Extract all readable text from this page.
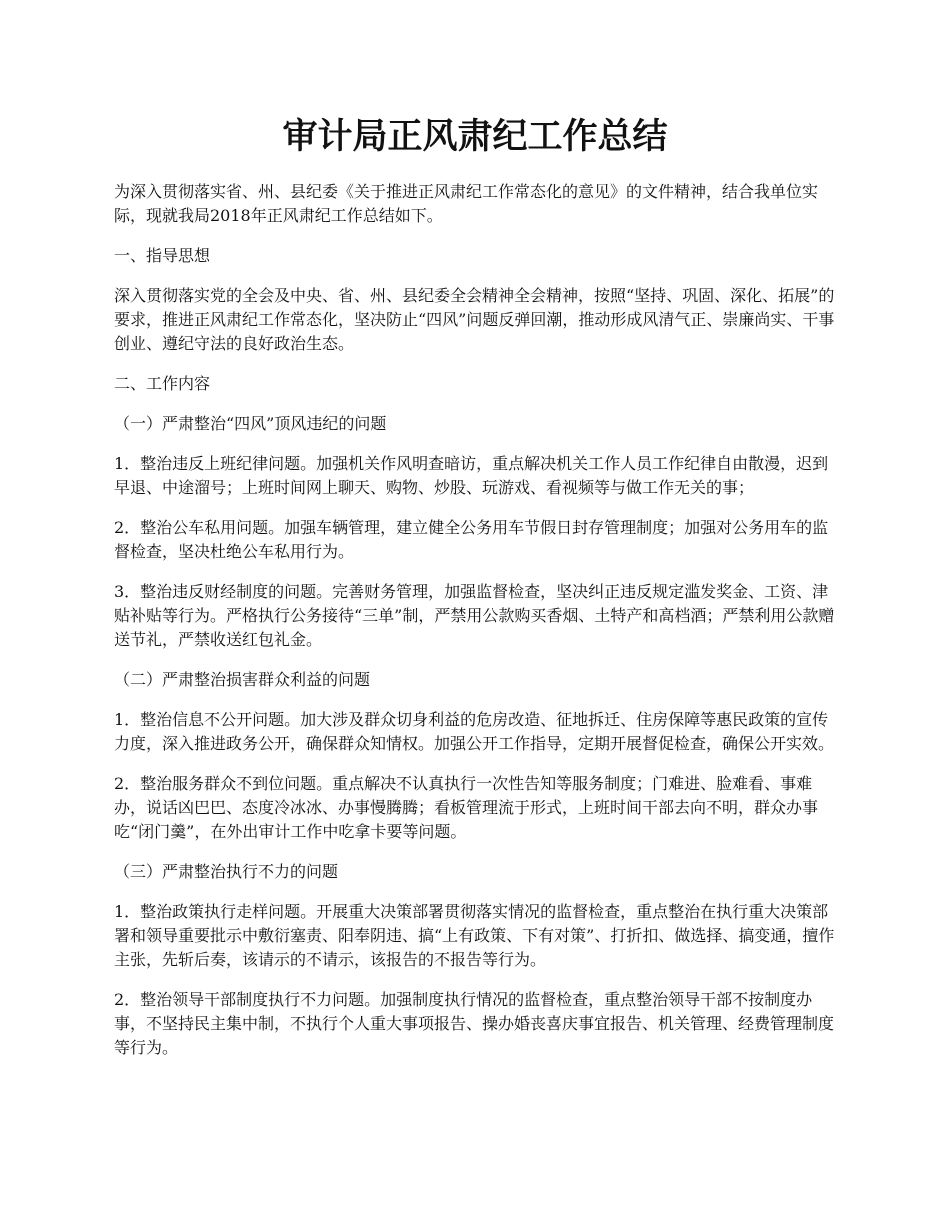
审计局正风肃纪工作总结

为深入贯彻落实省、州、县纪委《关于推进正风肃纪工作常态化的意见》的文件精神，结合我单位实际，现就我局2018年正风肃纪工作总结如下。

一、指导思想

深入贯彻落实党的全会及中央、省、州、县纪委全会精神全会精神，按照“坚持、巩固、深化、拓展”的要求，推进正风肃纪工作常态化，坚决防止“四风”问题反弹回潮，推动形成风清气正、崇廉尚实、干事创业、遵纪守法的良好政治生态。

二、工作内容

（一）严肃整治“四风”顶风违纪的问题

1．整治违反上班纪律问题。加强机关作风明查暗访，重点解决机关工作人员工作纪律自由散漫，迟到早退、中途溜号；上班时间网上聊天、购物、炒股、玩游戏、看视频等与做工作无关的事；

2．整治公车私用问题。加强车辆管理，建立健全公务用车节假日封存管理制度；加强对公务用车的监督检查，坚决杜绝公车私用行为。

3．整治违反财经制度的问题。完善财务管理，加强监督检查，坚决纠正违反规定滥发奖金、工资、津贴补贴等行为。严格执行公务接待“三单”制，严禁用公款购买香烟、土特产和高档酒；严禁利用公款赠送节礼，严禁收送红包礼金。

（二）严肃整治损害群众利益的问题

1．整治信息不公开问题。加大涉及群众切身利益的危房改造、征地拆迁、住房保障等惠民政策的宣传力度，深入推进政务公开，确保群众知情权。加强公开工作指导，定期开展督促检查，确保公开实效。

2．整治服务群众不到位问题。重点解决不认真执行一次性告知等服务制度；门难进、脸难看、事难办，说话凶巴巴、态度冷冰冰、办事慢腾腾；看板管理流于形式，上班时间干部去向不明，群众办事吃“闭门羹”，在外出审计工作中吃拿卡要等问题。

（三）严肃整治执行不力的问题

1．整治政策执行走样问题。开展重大决策部署贯彻落实情况的监督检查，重点整治在执行重大决策部署和领导重要批示中敷衍塞责、阳奉阴违、搞“上有政策、下有对策”、打折扣、做选择、搞变通，擅作主张，先斩后奏，该请示的不请示，该报告的不报告等行为。

2．整治领导干部制度执行不力问题。加强制度执行情况的监督检查，重点整治领导干部不按制度办事，不坚持民主集中制，不执行个人重大事项报告、操办婚丧喜庆事宜报告、机关管理、经费管理制度等行为。
